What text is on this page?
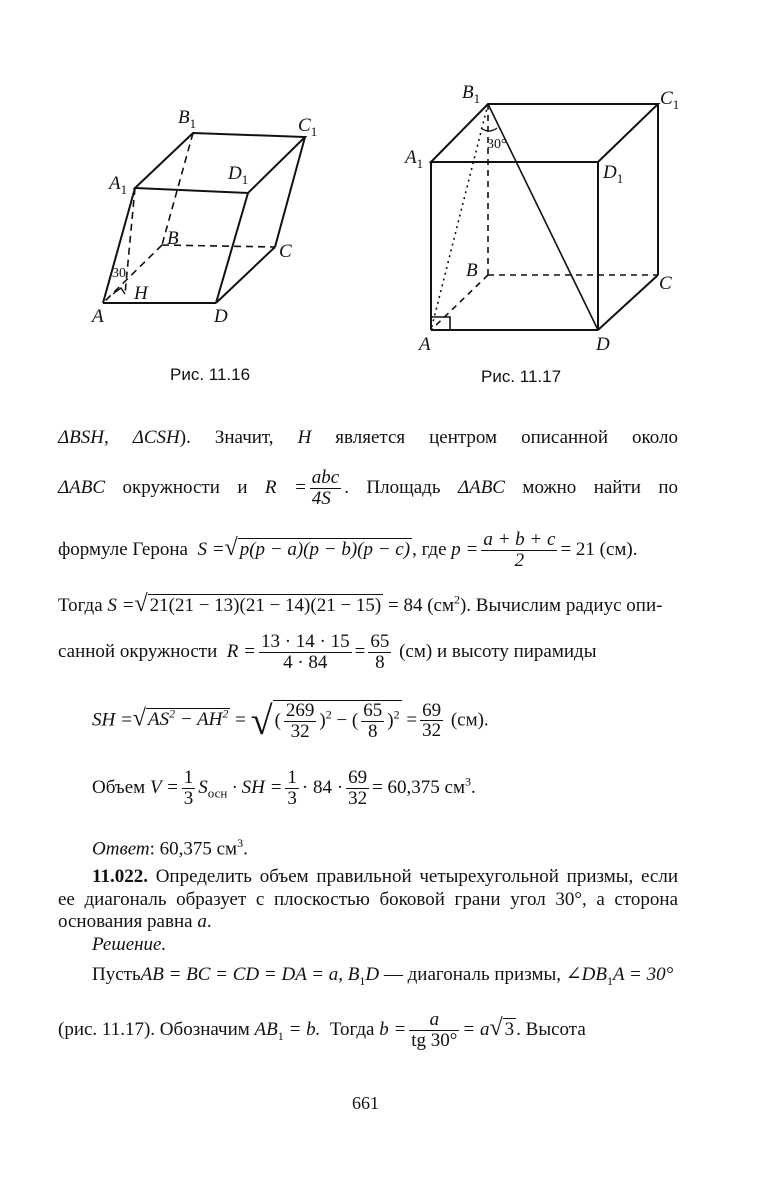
$B_1$	$C_1$
$D_1$
$A_1$
B
C
H
A	D
30
$B_1$	$C_1$
$A_1$	$D_1$
B
C
A	D
30°
Рис. 11.16	Рис. 11.17
ΔBSH, ΔCSH). Значит, H является центром описанной около
ΔABC окружности и $R = \frac{\text{abc}}{4S}$ . Площадь ΔABC можно найти по
формуле Герона S =√ p(p − a)(p − b)(p − c) , где $p = \frac{a + b + c}{2} = 21$ (см).
Тогда S =√ 21(21 − 13)(21 − 14)(21 − 15) = 84 $(см^2)$. Вычислим радиус опи-
санной окружности $R = \frac{13 \cdot 14 \cdot 15}{4 \cdot 84} = \frac{65}{8} (см)$ и высоту пирамиды
SH =√ $AS^2 - AH^2$ = √ ( $\frac{269}{32} )^2$ − ( $\frac{65}{8} )^2 = \frac{69}{32} (см)$.
Объем $V = \frac{1}{3} S_{осн}$ · SH = $\frac{1}{3} \cdot 84 \cdot \frac{69}{32} = 60,375$ $см^3$.
Ответ: 60,375 $см^3$.
11.022. Определить объем правильной четырехугольной призмы, если
ее диагональ образует с плоскостью боковой грани угол 30°, а сторона
основания равна a.
Решение.
ПустьAB = BC = CD = DA = a, $B_1D$ — диагональ призмы, $\angle DB_1A = 30^\circ$
(рис. 11.17). Обозначим $AB_1 = b$. Тогда $b = \frac{a}{tg 30^\circ} = a√$ 3 . Высота
661
